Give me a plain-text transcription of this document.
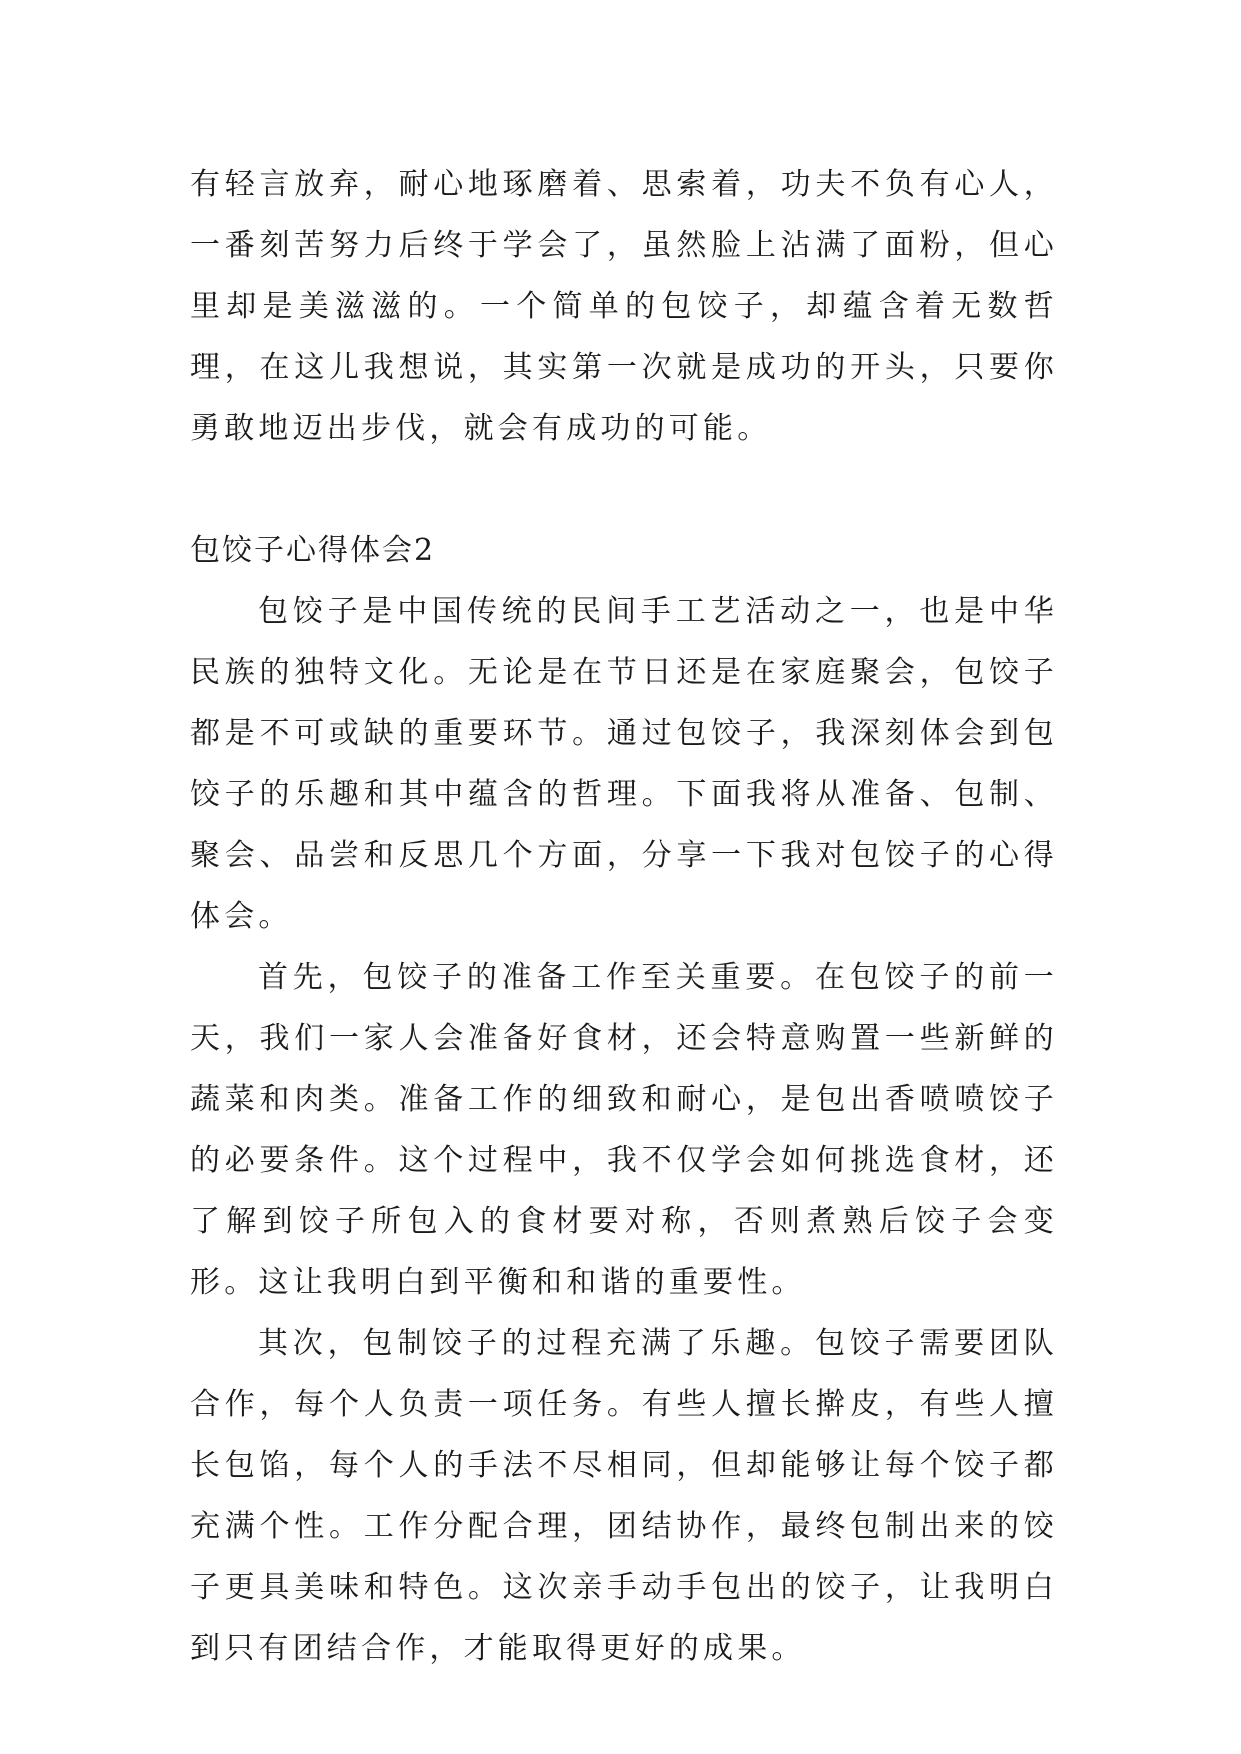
有轻言放弃，耐心地琢磨着、思索着，功夫不负有心人，一番刻苦努力后终于学会了，虽然脸上沾满了面粉，但心里却是美滋滋的。一个简单的包饺子，却蕴含着无数哲理，在这儿我想说，其实第一次就是成功的开头，只要你勇敢地迈出步伐，就会有成功的可能。

包饺子心得体会2

包饺子是中国传统的民间手工艺活动之一，也是中华民族的独特文化。无论是在节日还是在家庭聚会，包饺子都是不可或缺的重要环节。通过包饺子，我深刻体会到包饺子的乐趣和其中蕴含的哲理。下面我将从准备、包制、聚会、品尝和反思几个方面，分享一下我对包饺子的心得体会。

首先，包饺子的准备工作至关重要。在包饺子的前一天，我们一家人会准备好食材，还会特意购置一些新鲜的蔬菜和肉类。准备工作的细致和耐心，是包出香喷喷饺子的必要条件。这个过程中，我不仅学会如何挑选食材，还了解到饺子所包入的食材要对称，否则煮熟后饺子会变形。这让我明白到平衡和和谐的重要性。

其次，包制饺子的过程充满了乐趣。包饺子需要团队合作，每个人负责一项任务。有些人擅长擀皮，有些人擅长包馅，每个人的手法不尽相同，但却能够让每个饺子都充满个性。工作分配合理，团结协作，最终包制出来的饺子更具美味和特色。这次亲手动手包出的饺子，让我明白到只有团结合作，才能取得更好的成果。
